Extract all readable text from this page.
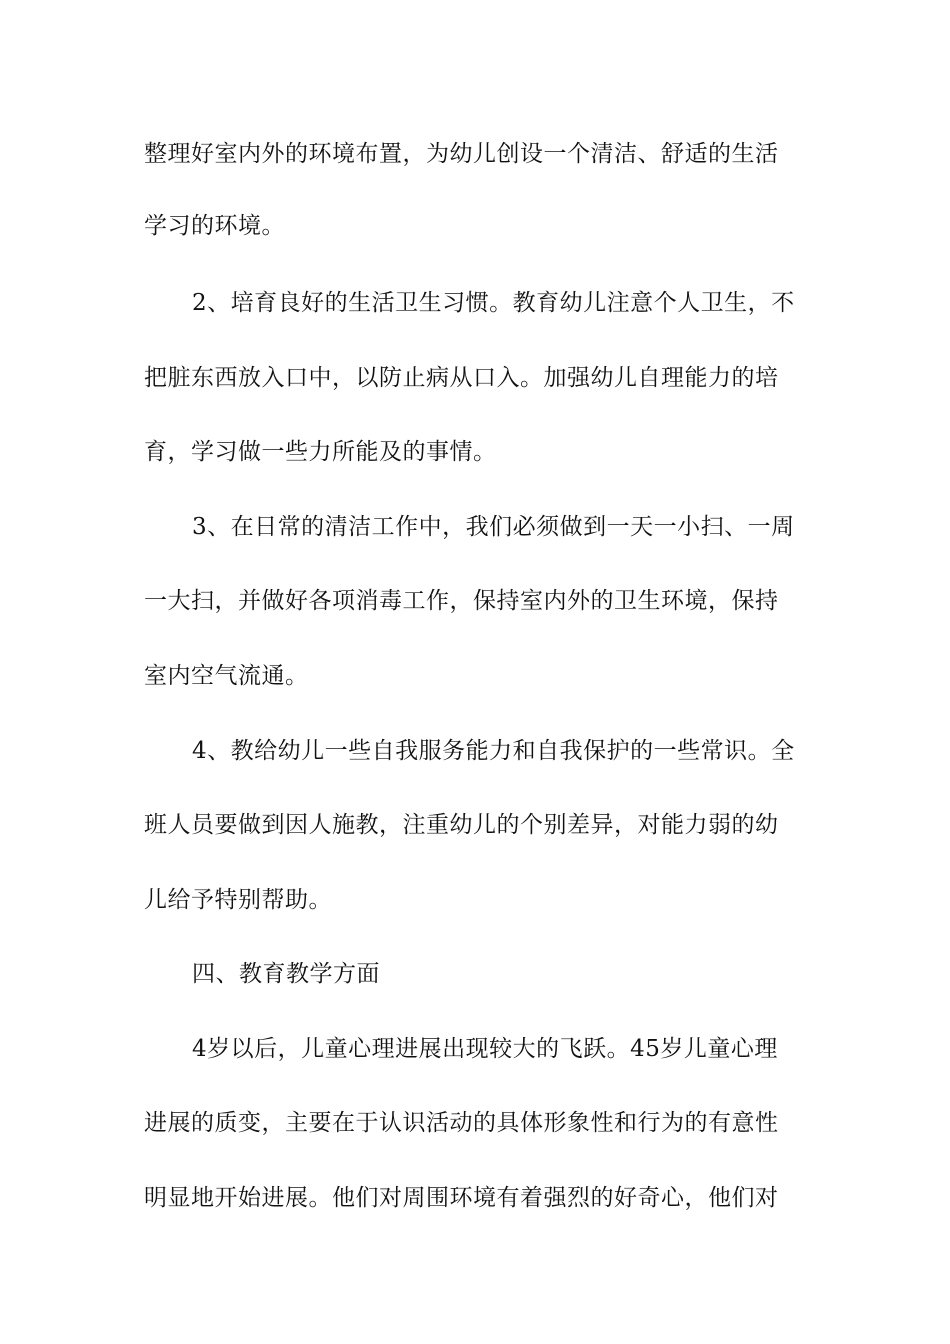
整理好室内外的环境布置，为幼儿创设一个清洁、舒适的生活
学习的环境。
2、培育良好的生活卫生习惯。教育幼儿注意个人卫生，不
把脏东西放入口中，以防止病从口入。加强幼儿自理能力的培
育，学习做一些力所能及的事情。
3、在日常的清洁工作中，我们必须做到一天一小扫、一周
一大扫，并做好各项消毒工作，保持室内外的卫生环境，保持
室内空气流通。
4、教给幼儿一些自我服务能力和自我保护的一些常识。全
班人员要做到因人施教，注重幼儿的个别差异，对能力弱的幼
儿给予特别帮助。
四、教育教学方面
4岁以后，儿童心理进展出现较大的飞跃。45岁儿童心理
进展的质变，主要在于认识活动的具体形象性和行为的有意性
明显地开始进展。他们对周围环境有着强烈的好奇心，他们对
